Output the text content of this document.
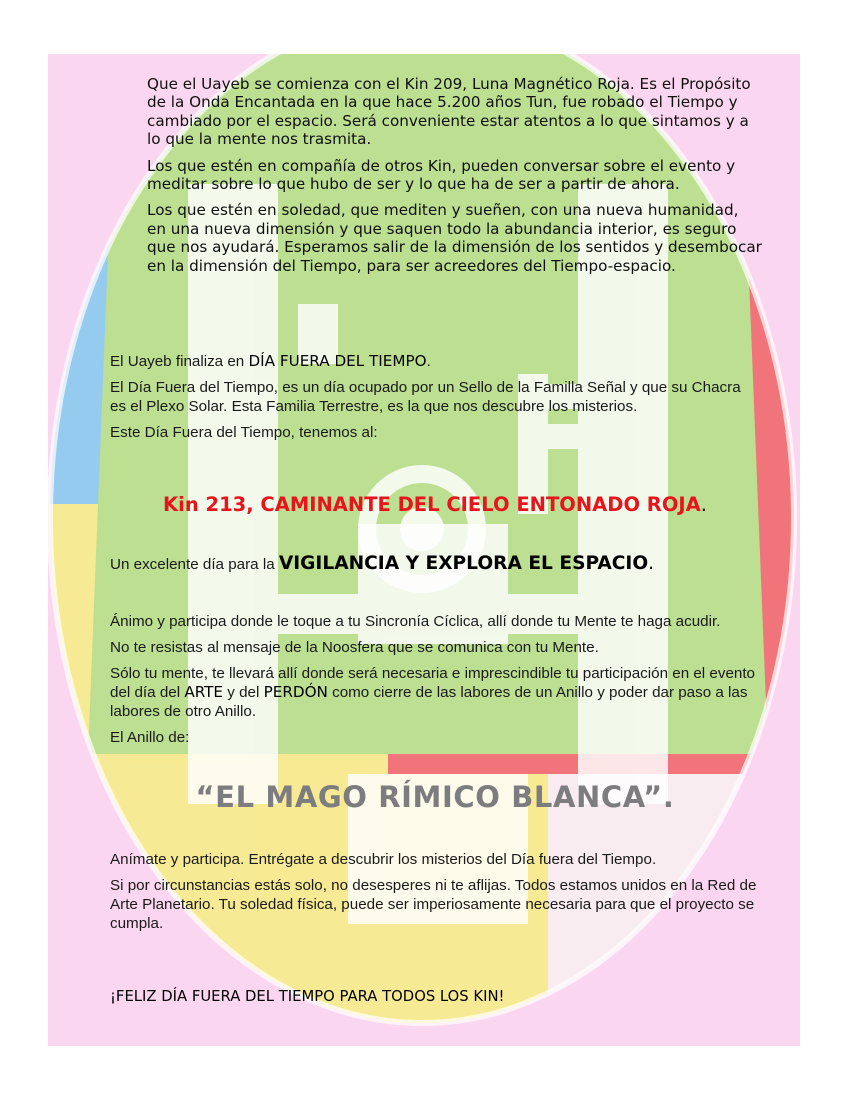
Que el Uayeb se comienza con el Kin 209, Luna Magnético Roja. Es el Propósito de la Onda Encantada en la que hace 5.200 años Tun, fue robado el Tiempo y cambiado por el espacio. Será conveniente estar atentos a lo que sintamos y a lo que la mente nos trasmita.

Los que estén en compañía de otros Kin, pueden conversar sobre el evento y meditar sobre lo que hubo de ser y lo que ha de ser a partir de ahora.

Los que estén en soledad, que mediten y sueñen, con una nueva humanidad, en una nueva dimensión y que saquen todo la abundancia interior, es seguro que nos ayudará. Esperamos salir de la dimensión de los sentidos y desembocar en la dimensión del Tiempo, para ser acreedores del Tiempo-espacio.

El Uayeb finaliza en DÍA FUERA DEL TIEMPO.

El Día Fuera del Tiempo, es un día ocupado por un Sello de la Familla Señal y que su Chacra es el Plexo Solar. Esta Familia Terrestre, es la que nos descubre los misterios.

Este Día Fuera del Tiempo, tenemos al:

Kin 213, CAMINANTE DEL CIELO ENTONADO ROJA.
Un excelente día para la VIGILANCIA Y EXPLORA EL ESPACIO.

Ánimo y participa donde le toque a tu Sincronía Cíclica, allí donde tu Mente te haga acudir.

No te resistas al mensaje de la Noosfera que se comunica con tu Mente.

Sólo tu mente, te llevará allí donde será necesaria e imprescindible tu participación en el evento del día del ARTE y del PERDÓN como cierre de las labores de un Anillo y poder dar paso a las labores de otro Anillo.

El Anillo de:

“EL MAGO RÍMICO BLANCA”.

Anímate y participa. Entrégate a descubrir los misterios del Día fuera del Tiempo.

Si por circunstancias estás solo, no desesperes ni te aflijas. Todos estamos unidos en la Red de Arte Planetario. Tu soledad física, puede ser imperiosamente necesaria para que el proyecto se cumpla.

¡FELIZ DÍA FUERA DEL TIEMPO PARA TODOS LOS KIN!
